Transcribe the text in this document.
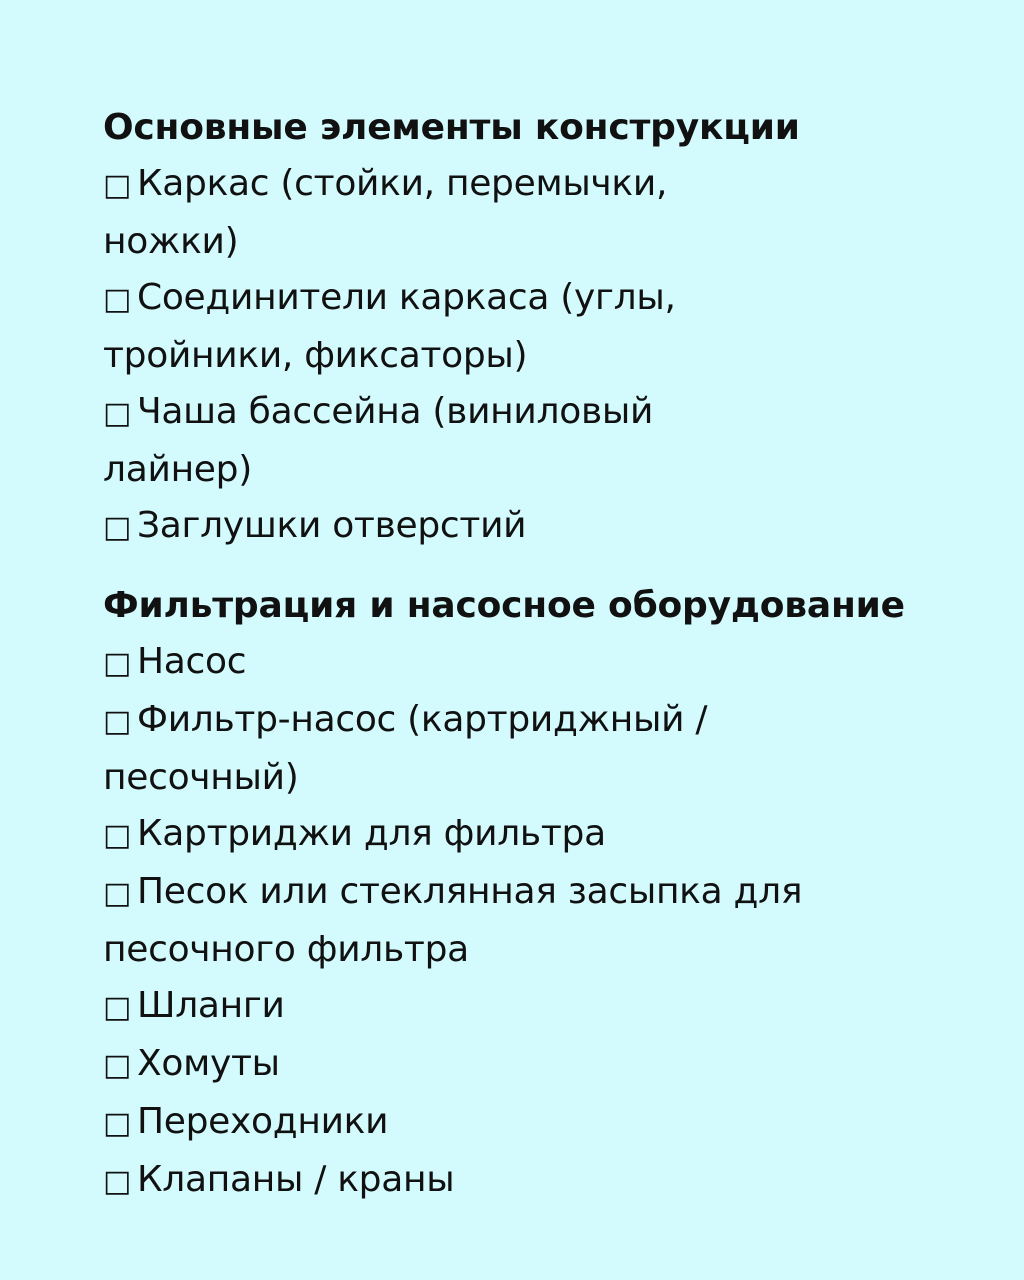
Основные элементы конструкции
□ Каркас (стойки, перемычки, ножки)
□ Соединители каркаса (углы, тройники, фиксаторы)
□ Чаша бассейна (виниловый лайнер)
□ Заглушки отверстий
Фильтрация и насосное оборудование
□ Насос
□ Фильтр-насос (картриджный / песочный)
□ Картриджи для фильтра
□ Песок или стеклянная засыпка для песочного фильтра
□ Шланги
□ Хомуты
□ Переходники
□ Клапаны / краны
